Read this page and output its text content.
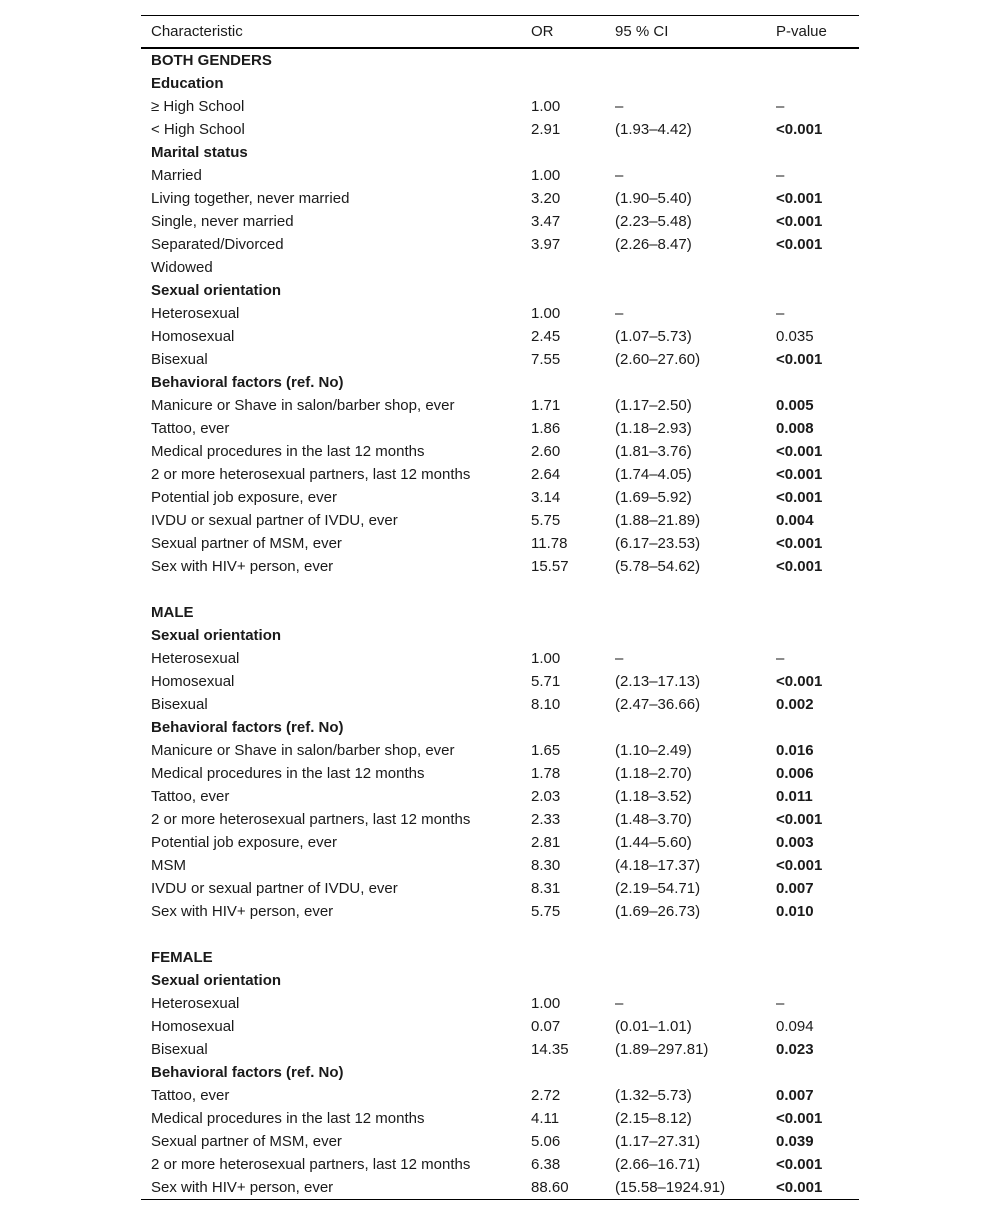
Characteristic	OR	95 % CI	P-value
BOTH GENDERS			
Education			
≥ High School	1.00	–	–
< High School	2.91	(1.93–4.42)	<0.001
Marital status			
Married	1.00	–	–
Living together, never married	3.20	(1.90–5.40)	<0.001
Single, never married	3.47	(2.23–5.48)	<0.001
Separated/Divorced	3.97	(2.26–8.47)	<0.001
Widowed			
Sexual orientation			
Heterosexual	1.00	–	–
Homosexual	2.45	(1.07–5.73)	0.035
Bisexual	7.55	(2.60–27.60)	<0.001
Behavioral factors (ref. No)			
Manicure or Shave in salon/barber shop, ever	1.71	(1.17–2.50)	0.005
Tattoo, ever	1.86	(1.18–2.93)	0.008
Medical procedures in the last 12 months	2.60	(1.81–3.76)	<0.001
2 or more heterosexual partners, last 12 months	2.64	(1.74–4.05)	<0.001
Potential job exposure, ever	3.14	(1.69–5.92)	<0.001
IVDU or sexual partner of IVDU, ever	5.75	(1.88–21.89)	0.004
Sexual partner of MSM, ever	11.78	(6.17–23.53)	<0.001
Sex with HIV+ person, ever	15.57	(5.78–54.62)	<0.001

MALE			
Sexual orientation			
Heterosexual	1.00	–	–
Homosexual	5.71	(2.13–17.13)	<0.001
Bisexual	8.10	(2.47–36.66)	0.002
Behavioral factors (ref. No)			
Manicure or Shave in salon/barber shop, ever	1.65	(1.10–2.49)	0.016
Medical procedures in the last 12 months	1.78	(1.18–2.70)	0.006
Tattoo, ever	2.03	(1.18–3.52)	0.011
2 or more heterosexual partners, last 12 months	2.33	(1.48–3.70)	<0.001
Potential job exposure, ever	2.81	(1.44–5.60)	0.003
MSM	8.30	(4.18–17.37)	<0.001
IVDU or sexual partner of IVDU, ever	8.31	(2.19–54.71)	0.007
Sex with HIV+ person, ever	5.75	(1.69–26.73)	0.010

FEMALE			
Sexual orientation			
Heterosexual	1.00	–	–
Homosexual	0.07	(0.01–1.01)	0.094
Bisexual	14.35	(1.89–297.81)	0.023
Behavioral factors (ref. No)			
Tattoo, ever	2.72	(1.32–5.73)	0.007
Medical procedures in the last 12 months	4.11	(2.15–8.12)	<0.001
Sexual partner of MSM, ever	5.06	(1.17–27.31)	0.039
2 or more heterosexual partners, last 12 months	6.38	(2.66–16.71)	<0.001
Sex with HIV+ person, ever	88.60	(15.58–1924.91)	<0.001
